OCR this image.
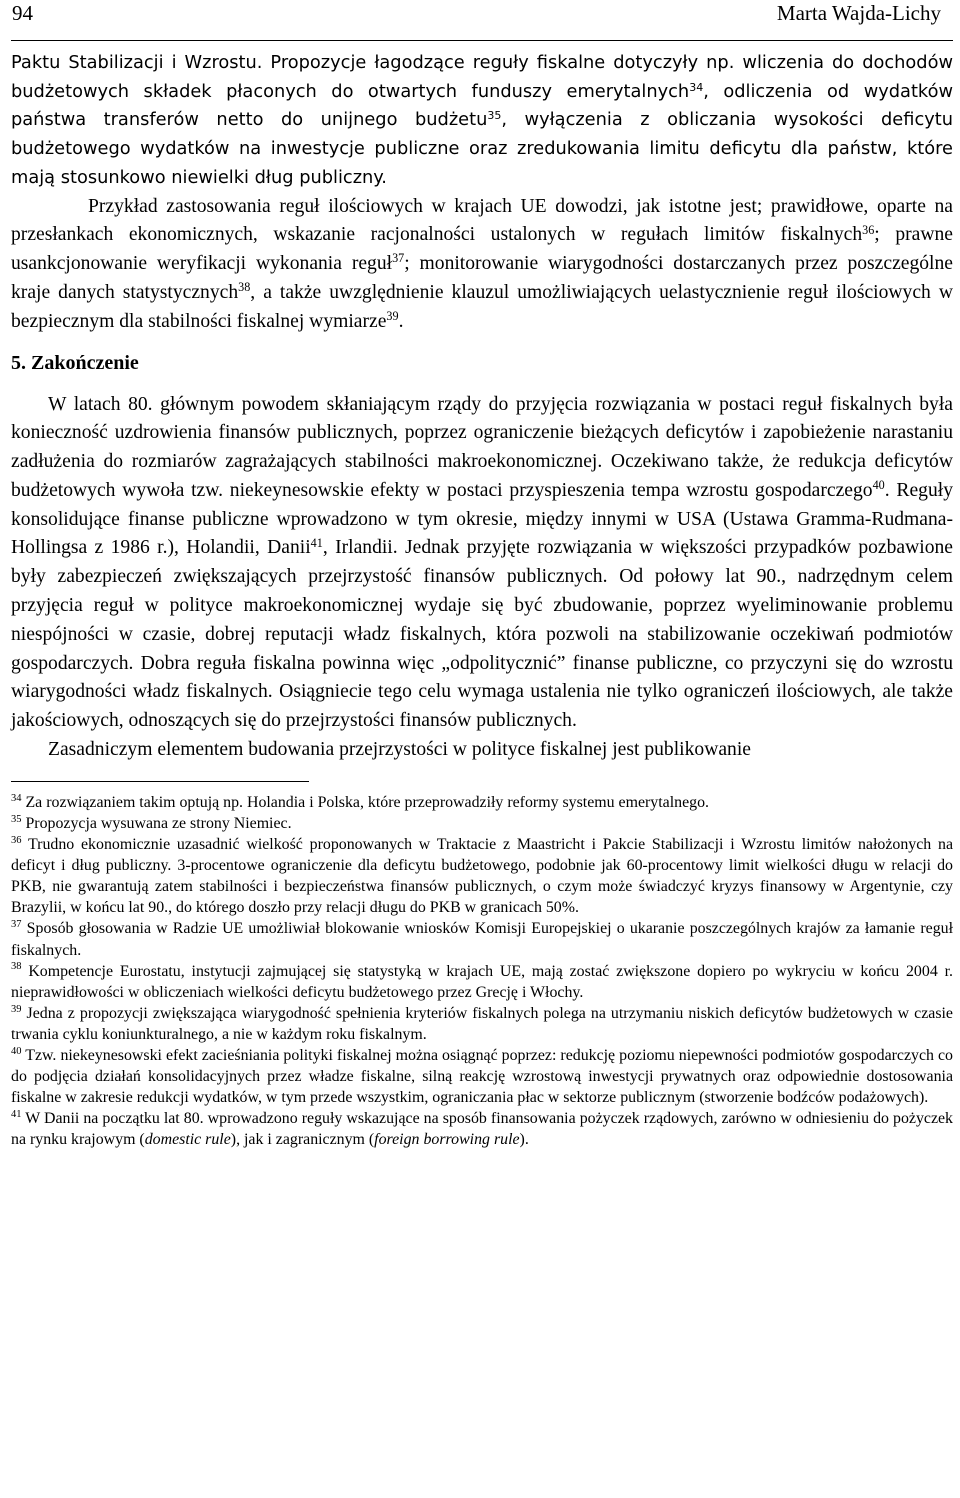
94	Marta Wajda-Lichy

Paktu Stabilizacji i Wzrostu. Propozycje łagodzące reguły fiskalne dotyczyły np. wliczenia do dochodów budżetowych składek płaconych do otwartych funduszy emerytalnych$^{34}$, odliczenia od wydatków państwa transferów netto do unijnego budżetu$^{35}$, wyłączenia z obliczania wysokości deficytu budżetowego wydatków na inwestycje publiczne oraz zredukowania limitu deficytu dla państw, które mają stosunkowo niewielki dług publiczny.

Przykład zastosowania reguł ilościowych w krajach UE dowodzi, jak istotne jest; prawidłowe, oparte na przesłankach ekonomicznych, wskazanie racjonalności ustalonych w regułach limitów fiskalnych$^{36}$; prawne usankcjonowanie weryfikacji wykonania reguł$^{37}$; monitorowanie wiarygodności dostarczanych przez poszczególne kraje danych statystycznych$^{38}$, a także uwzględnienie klauzul umożliwiających uelastycznienie reguł ilościowych w bezpiecznym dla stabilności fiskalnej wymiarze$^{39}$.

5. Zakończenie

W latach 80. głównym powodem skłaniającym rządy do przyjęcia rozwiązania w postaci reguł fiskalnych była konieczność uzdrowienia finansów publicznych, poprzez ograniczenie bieżących deficytów i zapobieżenie narastaniu zadłużenia do rozmiarów zagrażających stabilności makroekonomicznej. Oczekiwano także, że redukcja deficytów budżetowych wywoła tzw. niekeynesowskie efekty w postaci przyspieszenia tempa wzrostu gospodarczego$^{40}$. Reguły konsolidujące finanse publiczne wprowadzono w tym okresie, między innymi w USA (Ustawa Gramma-Rudmana-Hollingsa z 1986 r.), Holandii, Danii$^{41}$, Irlandii. Jednak przyjęte rozwiązania w większości przypadków pozbawione były zabezpieczeń zwiększających przejrzystość finansów publicznych. Od połowy lat 90., nadrzędnym celem przyjęcia reguł w polityce makroekonomicznej wydaje się być zbudowanie, poprzez wyeliminowanie problemu niespójności w czasie, dobrej reputacji władz fiskalnych, która pozwoli na stabilizowanie oczekiwań podmiotów gospodarczych. Dobra reguła fiskalna powinna więc „odpolitycznić” finanse publiczne, co przyczyni się do wzrostu wiarygodności władz fiskalnych. Osiągniecie tego celu wymaga ustalenia nie tylko ograniczeń ilościowych, ale także jakościowych, odnoszących się do przejrzystości finansów publicznych.

Zasadniczym elementem budowania przejrzystości w polityce fiskalnej jest publikowanie

$^{34}$ Za rozwiązaniem takim optują np. Holandia i Polska, które przeprowadziły reformy systemu emerytalnego.

$^{35}$ Propozycja wysuwana ze strony Niemiec.

$^{36}$ Trudno ekonomicznie uzasadnić wielkość proponowanych w Traktacie z Maastricht i Pakcie Stabilizacji i Wzrostu limitów nałożonych na deficyt i dług publiczny. 3-procentowe ograniczenie dla deficytu budżetowego, podobnie jak 60-procentowy limit wielkości długu w relacji do PKB, nie gwarantują zatem stabilności i bezpieczeństwa finansów publicznych, o czym może świadczyć kryzys finansowy w Argentynie, czy Brazylii, w końcu lat 90., do którego doszło przy relacji długu do PKB w granicach 50%.

$^{37}$ Sposób głosowania w Radzie UE umożliwiał blokowanie wniosków Komisji Europejskiej o ukaranie poszczególnych krajów za łamanie reguł fiskalnych.

$^{38}$ Kompetencje Eurostatu, instytucji zajmującej się statystyką w krajach UE, mają zostać zwiększone dopiero po wykryciu w końcu 2004 r. nieprawidłowości w obliczeniach wielkości deficytu budżetowego przez Grecję i Włochy.

$^{39}$ Jedna z propozycji zwiększająca wiarygodność spełnienia kryteriów fiskalnych polega na utrzymaniu niskich deficytów budżetowych w czasie trwania cyklu koniunkturalnego, a nie w każdym roku fiskalnym.

$^{40}$ Tzw. niekeynesowski efekt zacieśniania polityki fiskalnej można osiągnąć poprzez: redukcję poziomu niepewności podmiotów gospodarczych co do podjęcia działań konsolidacyjnych przez władze fiskalne, silną reakcję wzrostową inwestycji prywatnych oraz odpowiednie dostosowania fiskalne w zakresie redukcji wydatków, w tym przede wszystkim, ograniczania płac w sektorze publicznym (stworzenie bodźców podażowych).

$^{41}$ W Danii na początku lat 80. wprowadzono reguły wskazujące na sposób finansowania pożyczek rządowych, zarówno w odniesieniu do pożyczek na rynku krajowym (domestic rule), jak i zagranicznym (foreign borrowing rule).
